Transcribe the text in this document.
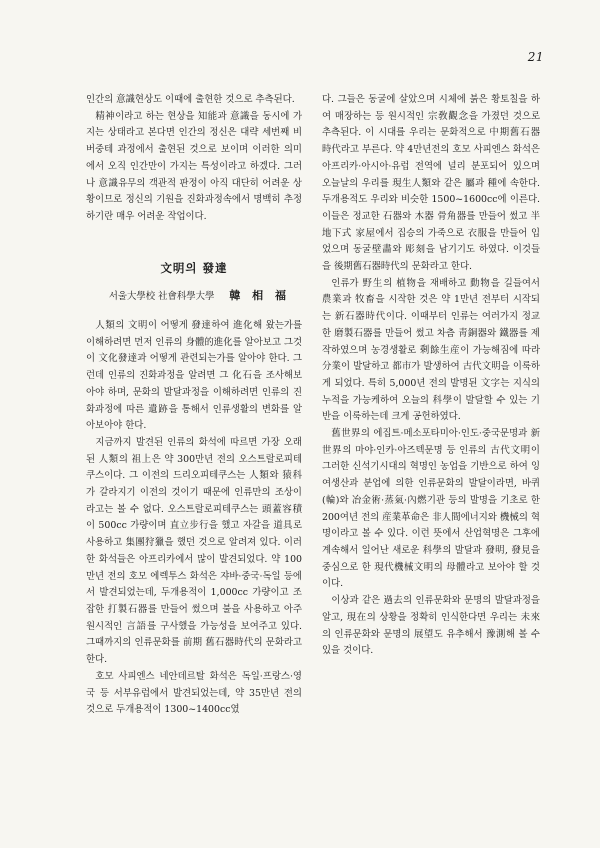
21

인간의 意識현상도 이때에 출현한 것으로 추측된다.

精神이라고 하는 현상을 知能과 意識을 동시에 가지는 상태라고 본다면 인간의 정신은 대략 세번째 비버중테 과정에서 출현된 것으로 보이며 이러한 의미에서 오직 인간만이 가지는 특성이라고 하겠다. 그러나 意識유무의 객관적 판정이 아직 대단히 어려운 상황이므로 정신의 기원을 진화과정속에서 명백히 추정하기란 매우 어려운 작업이다.

文明의 發達
서울大學校 社會科學大學 韓 相 福

人類의 文明이 어떻게 發達하여 進化해 왔는가를 이해하려면 먼저 인류의 身體的進化를 알아보고 그것이 文化發達과 어떻게 관련되는가를 알아야 한다. 그런데 인류의 진화과정을 알려면 그 化石을 조사해보아야 하며, 문화의 발달과정을 이해하려면 인류의 진화과정에 따른 遺跡을 통해서 인류생활의 변화를 알아보아야 한다.

지금까지 발견된 인류의 화석에 따르면 가장 오래된 人類의 祖上은 약 300만년 전의 오스트랄로피테쿠스이다. 그 이전의 드리오피테쿠스는 人類와 猿科가 갈라지기 이전의 것이기 때문에 인류만의 조상이라고는 볼 수 없다. 오스트랄로피테쿠스는 頭蓋容積이 500cc 가량이며 直立步行을 했고 자갈을 道具로 사용하고 集團狩獵을 했던 것으로 알려져 있다. 이러한 화석들은 아프리카에서 많이 발견되었다. 약 100만년 전의 호모 에렉투스 화석은 쟈바·중국·독일 등에서 발견되었는데, 두개용적이 1,000cc 가량이고 조잡한 打製石器를 만들어 썼으며 불을 사용하고 아주 원시적인 言語를 구사했을 가능성을 보여주고 있다. 그때까지의 인류문화를 前期 舊石器時代의 문화라고 한다.

호모 사피엔스 네안데르탈 화석은 독일·프랑스·영국 등 서부유럽에서 발견되었는데, 약 35만년 전의 것으로 두개용적이 1300~1400cc였

다. 그들은 동굴에 살았으며 시체에 붉은 황토칠을 하여 매장하는 등 원시적인 宗敎觀念을 가졌던 것으로 추측된다. 이 시대를 우리는 문화적으로 中期舊石器時代라고 부른다. 약 4만년전의 호모 사피엔스 화석은 아프리카·아시아·유럽 전역에 널리 분포되어 있으며 오늘날의 우리를 現生人類와 같은 屬과 種에 속한다. 두개용적도 우리와 비슷한 1500~1600cc에 이른다. 이들은 정교한 石器와 木器 骨角器를 만들어 썼고 半地下式 家屋에서 집승의 가죽으로 衣服을 만들어 입었으며 동굴壁畵와 彫刻을 남기기도 하였다. 이것들을 後期舊石器時代의 문화라고 한다.

인류가 野生의 植物을 재배하고 動物을 길들여서 農業과 牧畜을 시작한 것은 약 1만년 전부터 시작되는 新石器時代이다. 이때부터 인류는 여러가지 정교한 磨製石器를 만들어 썼고 차츰 靑銅器와 鐵器를 제작하였으며 농경생활로 剩餘生産이 가능해짐에 따라 分業이 발달하고 都市가 발생하여 古代文明을 이룩하게 되었다. 특히 5,000년 전의 발명된 文字는 지식의 누적을 가능케하여 오늘의 科學이 발달할 수 있는 기반을 이룩하는데 크게 공헌하였다.

舊世界의 에집트·메소포타미아·인도·중국문명과 新世界의 마야·인카·아즈텍문명 등 인류의 古代文明이 그러한 신석기시대의 혁명인 농업을 기반으로 하여 잉여생산과 분업에 의한 인류문화의 발달이라면, 바퀴(輪)와 冶金術·蒸氣·內燃기관 등의 발명을 기초로 한 200여년 전의 産業革命은 非人間에너지와 機械의 혁명이라고 볼 수 있다. 이런 뜻에서 산업혁명은 그후에 계속해서 일어난 새로운 科學의 발달과 發明, 發見을 중심으로 한 現代機械文明의 母體라고 보아야 할 것이다.

이상과 같은 過去의 인류문화와 문명의 발달과정을 알고, 現在의 상황을 정확히 인식한다면 우리는 未來의 인류문화와 문명의 展望도 유추해서 豫測해 볼 수 있을 것이다.
